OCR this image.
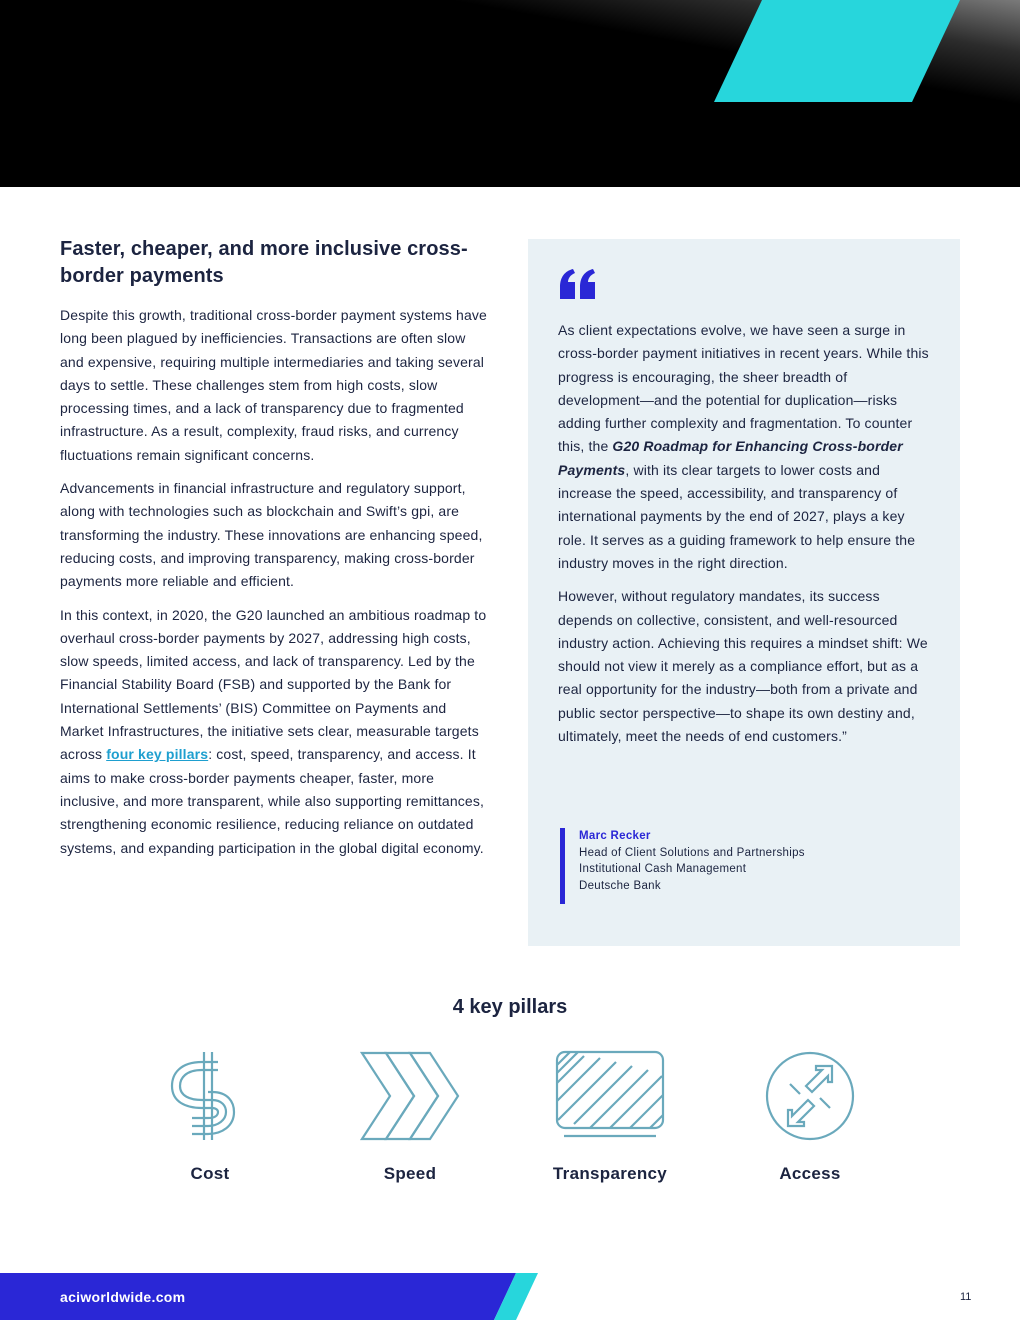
Faster, cheaper, and more inclusive cross-border payments

Despite this growth, traditional cross-border payment systems have long been plagued by inefficiencies. Transactions are often slow and expensive, requiring multiple intermediaries and taking several days to settle. These challenges stem from high costs, slow processing times, and a lack of transparency due to fragmented infrastructure. As a result, complexity, fraud risks, and currency fluctuations remain significant concerns.

Advancements in financial infrastructure and regulatory support, along with technologies such as blockchain and Swift’s gpi, are transforming the industry. These innovations are enhancing speed, reducing costs, and improving transparency, making cross-border payments more reliable and efficient.

In this context, in 2020, the G20 launched an ambitious roadmap to overhaul cross-border payments by 2027, addressing high costs, slow speeds, limited access, and lack of transparency. Led by the Financial Stability Board (FSB) and supported by the Bank for International Settlements’ (BIS) Committee on Payments and Market Infrastructures, the initiative sets clear, measurable targets across four key pillars: cost, speed, transparency, and access. It aims to make cross-border payments cheaper, faster, more inclusive, and more transparent, while also supporting remittances, strengthening economic resilience, reducing reliance on outdated systems, and expanding participation in the global digital economy.

As client expectations evolve, we have seen a surge in cross-border payment initiatives in recent years. While this progress is encouraging, the sheer breadth of development—and the potential for duplication—risks adding further complexity and fragmentation. To counter this, the G20 Roadmap for Enhancing Cross-border Payments, with its clear targets to lower costs and increase the speed, accessibility, and transparency of international payments by the end of 2027, plays a key role. It serves as a guiding framework to help ensure the industry moves in the right direction.

However, without regulatory mandates, its success depends on collective, consistent, and well-resourced industry action. Achieving this requires a mindset shift: We should not view it merely as a compliance effort, but as a real opportunity for the industry—both from a private and public sector perspective—to shape its own destiny and, ultimately, meet the needs of end customers.”

Marc Recker
Head of Client Solutions and Partnerships
Institutional Cash Management
Deutsche Bank
4 key pillars
Cost	Speed	Transparency	Access
aciworldwide.com	11
